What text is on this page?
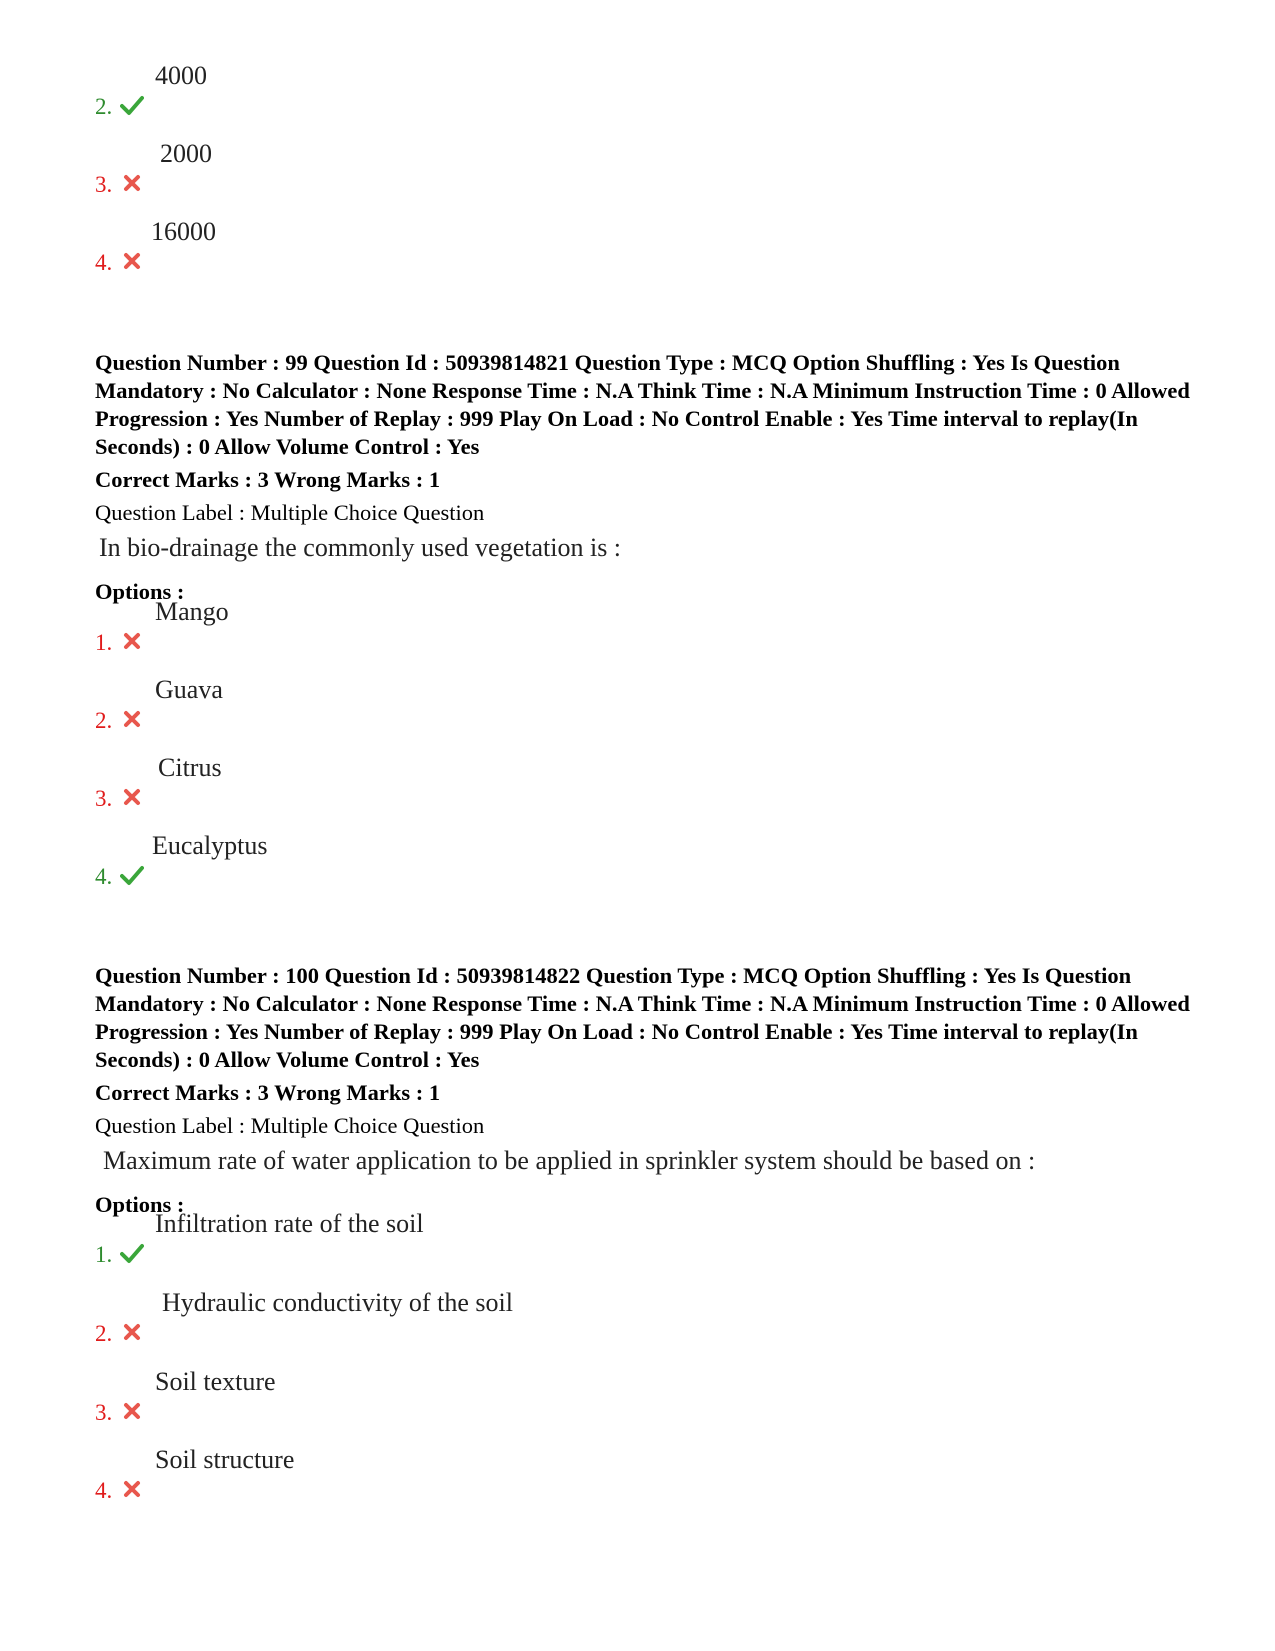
2.
4000
3.
2000
4.
16000
Question Number : 99 Question Id : 50939814821 Question Type : MCQ Option Shuffling : Yes Is Question Mandatory : No Calculator : None Response Time : N.A Think Time : N.A Minimum Instruction Time : 0 Allowed Progression : Yes Number of Replay : 999 Play On Load : No Control Enable : Yes Time interval to replay(In Seconds) : 0 Allow Volume Control : Yes
Correct Marks : 3 Wrong Marks : 1
Question Label : Multiple Choice Question
In bio-drainage the commonly used vegetation is :
Options :
1.
Mango
2.
Guava
3.
Citrus
4.
Eucalyptus
Question Number : 100 Question Id : 50939814822 Question Type : MCQ Option Shuffling : Yes Is Question Mandatory : No Calculator : None Response Time : N.A Think Time : N.A Minimum Instruction Time : 0 Allowed Progression : Yes Number of Replay : 999 Play On Load : No Control Enable : Yes Time interval to replay(In Seconds) : 0 Allow Volume Control : Yes
Correct Marks : 3 Wrong Marks : 1
Question Label : Multiple Choice Question
Maximum rate of water application to be applied in sprinkler system should be based on :
Options :
1.
Infiltration rate of the soil
2.
Hydraulic conductivity of the soil
3.
Soil texture
4.
Soil structure
